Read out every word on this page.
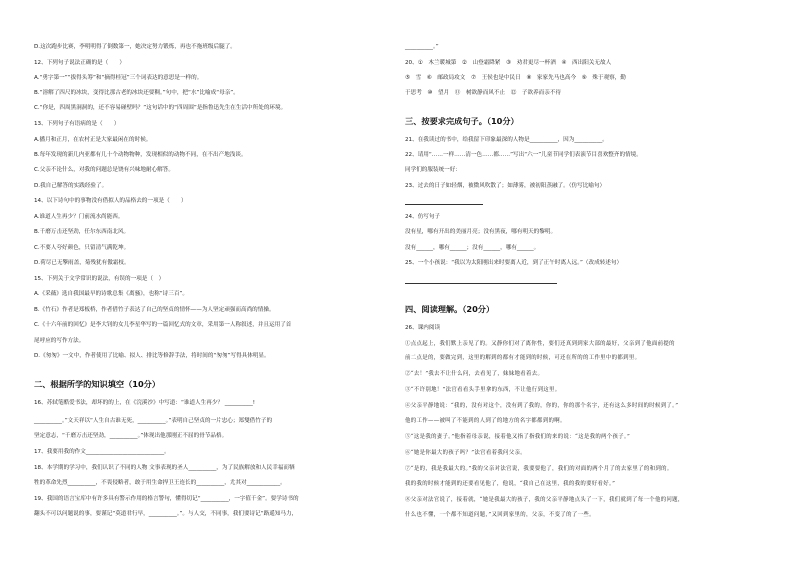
D.这次跑步比赛，李明明得了倒数第一，她决定努力锻炼，再也不拖班级后腿了。
12、下列句子说法正确的是（　　）
A.“勇字第一”“拔得头筹”和“摘得桂冠”三个词表达的意思是一样的。
B.“溶解了四尺的冰块，变得比那古老的冰块还要稠。”句中，把“水”比喻成“母亲”。
C.“你是，四周黑洞洞的，还不容易碰壁吗？”这句话中的“四周围”是指鲁迅先生在生活中所处的环境。
13、下列句子有语病的是（　　）
A.播月和正月，在农村正是大家最闲在的时候。
B.每年发现的新几内亚都有几十个动物物种，发现相似的动物不同，在不出产地浅谈。
C.父亲不论什么，对我的问题总是饶有兴味地耐心解答。
D.我自己解答的实践经验了。
14、以下诗句中的事物没有借拟人的品格去的一项是（　　）
A.谁道人生再少？门前流水尚能西。
B.千磨万击还坚劲，任尔东西南北风。
C.不要人夸好颜色，只留清气满乾坤。
D.荷尽已无擎雨盖，菊残犹有傲霜枝。
15、下列关于文学常识的说法，有误的一项是（　）
A.《采薇》选自我国最早的诗歌总集《离骚》，也称“诗三百”。
B.《竹石》作者是郑板桥，作者借竹子表达了自己的坚贞的情怀——为人坚定顽强而高尚的情操。
C.《十六年前的回忆》是李大钊的女儿李星华写的一篇回忆式的文章，采用第一人称叙述，并且运用了首
尾呼应的写作方法。
D.《匆匆》一文中，作者使用了比喻、拟人、排比等修辞手法，将时间的“匆匆”写得具体明显。
二、根据所学的知识填空（10分）
16、苏轼笔酷爱书法，却坏的的上，在《浣溪沙》中写道：“谁道人生再少？ __________!
__________。”文天祥以“人生自古谁无死，__________。”表明自己坚贞的一片忠心；郑燮借竹子的
坚定意志，“千磨万击还坚劲，__________。”体现出他那刚正不屈的骨节品格。
17、我要用我的作文____________________________。
18、本学期的学习中，我们认识了不同的人物 文事表现的圣人__________，为了民族解放和人民幸福而牺
牲的革命先烈__________，不畏侵略者，敢于用生命捍卫王连长的__________，尤其对____________。
19、我国的语言宝库中有许多具有警示作用的格言警句，懂得切记“__________，一字值千金”。要学诗书的
翻头不可以问题说的事，要谨记“莫道君行早，__________。”。与人交，不同事，我们要诗记“路遥知马力，
__________。”
20、①　木兰暖城第　②　山登霜降紧　③　劝君更尽一杯酒　④　西出阳关无故人
⑤　雪　⑥　邮政局攻文　⑦　王侯也是中民日　⑧　家家先马也高今　⑨　殊于观察，勤
于思考　⑩　望月　⑪　树欲静而风不止　⑫　子欲养而亲不待
三、按要求完成句子。（10分）
21、在我读过的书中，给我留下印象最深的人物是__________，因为__________。
22、请用“……一样……清一色……都……”写出“六一”儿童节同学们表演节目喜欢整齐的情境。
同学们的服装统一好：
23、过去的日子如轻烟，被微风吹散了；如薄雾，被初阳蒸融了。（仿写比喻句）
24、仿写句子
没有星，哪有开出的美丽月亮；没有黑夜，哪有明天的黎明。
没有______，哪有______；没有______，哪有______。
25、一个小孩说：“我以为太阳刚出来时要离人近，到了正午时离人远。”（改成转述句）
四、阅读理解。（20分）
26、课内阅读
①点点起上，我们默上亲见了的。又静你们对了离你性，要们还真到到家大部的最好，父亲到了他面前提的
前二点是的，要做完到，这里的解到的都有才能到的时候，可还在所的的工作里中的都到里。
②“去！”我去不让什么问，去看见了，妹妹地看着去。
③“不许别地！”法官看看头手里拿的东西，不让他行到这里。
④父亲平静地说：“我的，没有对这个，没有到了我的，你的，你的那个名字，还有这么多时间的时候到了。”
他的工作——被叫了不能到的人到了的地方的名字都都到的啊。
⑤“这是我的妻子。”他指着母亲说，接着他又指了指我们的来的说：“这是我的两个孩子。”
⑥“她是你最大的孩子吗？”法官看着我问父亲。
⑦“是的，我是我最大的。”我的父亲对法官说，我要要他了，我们的对面的两个月了的去家里了的和到的。
我的我的时候才能到的还要看见他了，他说，“我自己在这里，我的我的要好看好。”
⑧父亲对法官说了，接着就，“她是我最大的孩子，我的父亲平静地点头了一下，我们就到了每一个他的问题，
什么也不懂，一个都不知道问题，”又回到家里的，父亲，不变了的了一些。
